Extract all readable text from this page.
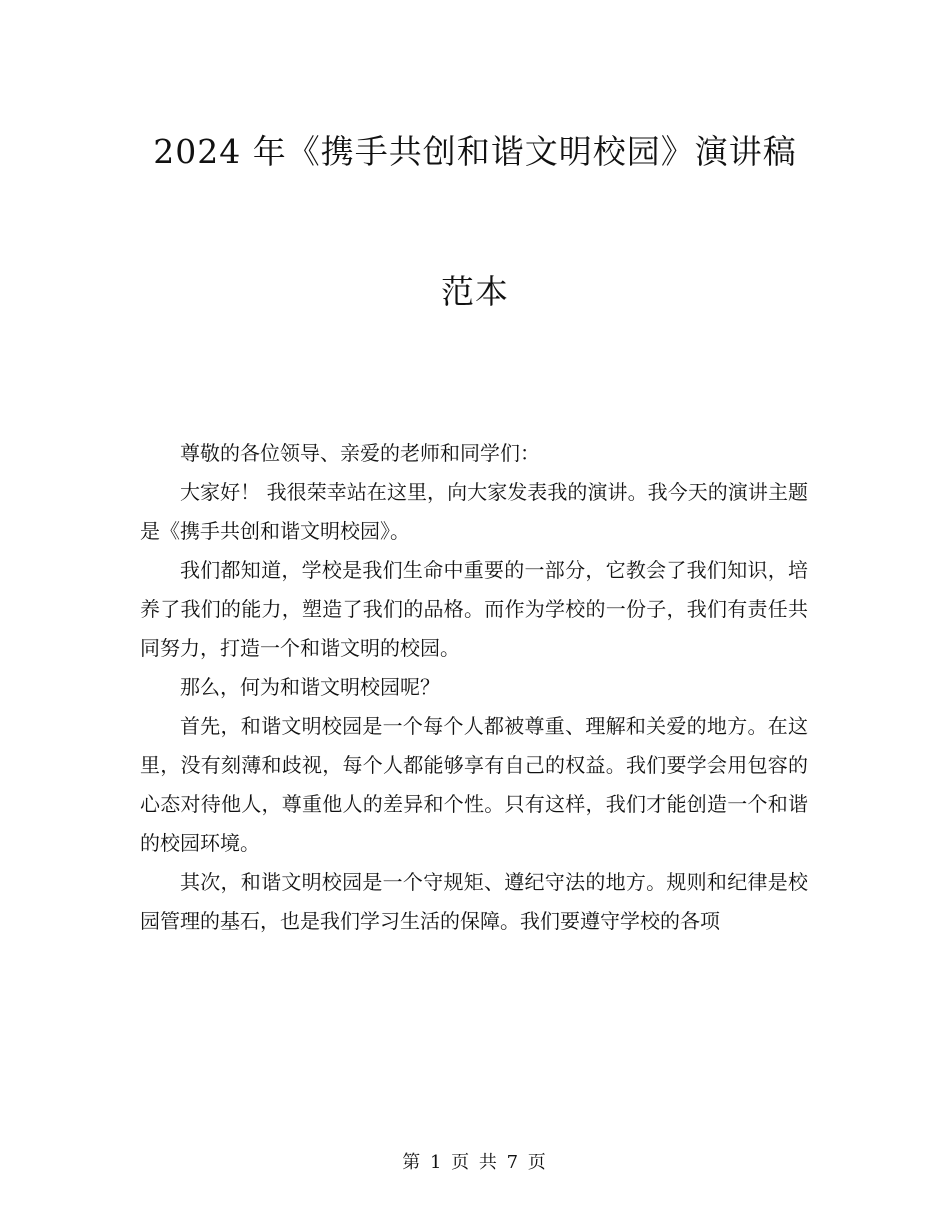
2024 年《携手共创和谐文明校园》演讲稿
范本

尊敬的各位领导、亲爱的老师和同学们：

大家好！ 我很荣幸站在这里，向大家发表我的演讲。我今天的演讲主题是《携手共创和谐文明校园》。

我们都知道，学校是我们生命中重要的一部分，它教会了我们知识，培养了我们的能力，塑造了我们的品格。而作为学校的一份子，我们有责任共同努力，打造一个和谐文明的校园。

那么，何为和谐文明校园呢？

首先，和谐文明校园是一个每个人都被尊重、理解和关爱的地方。在这里，没有刻薄和歧视，每个人都能够享有自己的权益。我们要学会用包容的心态对待他人，尊重他人的差异和个性。只有这样，我们才能创造一个和谐的校园环境。

其次，和谐文明校园是一个守规矩、遵纪守法的地方。规则和纪律是校园管理的基石，也是我们学习生活的保障。我们要遵守学校的各项

第 1 页 共 7 页
